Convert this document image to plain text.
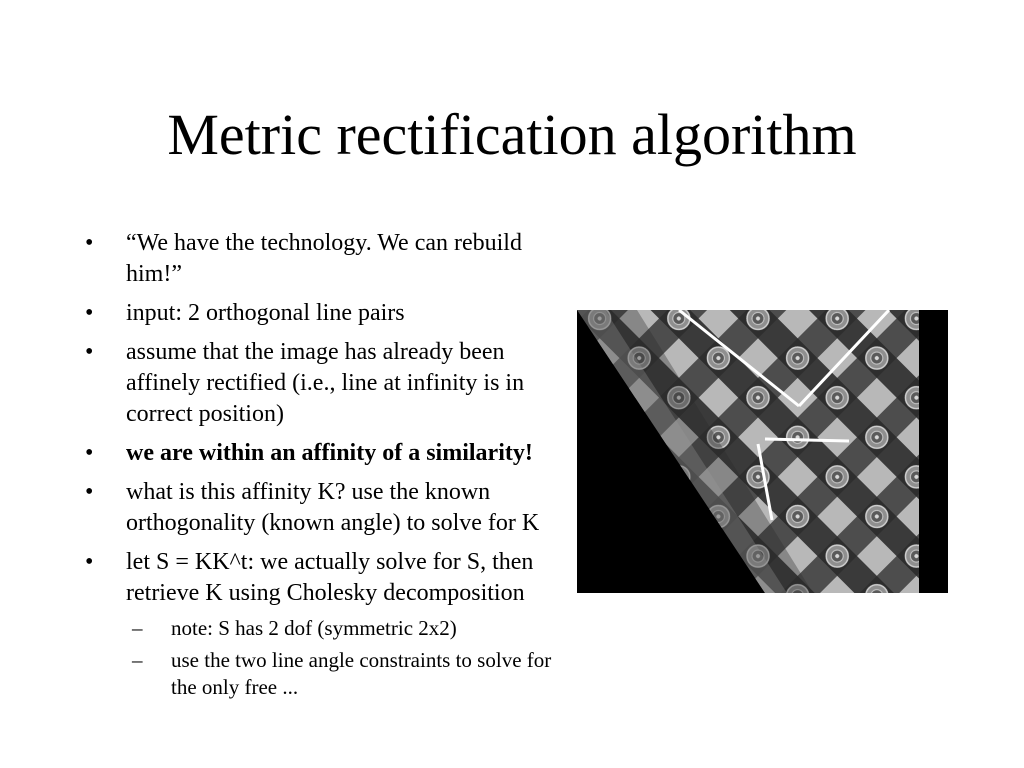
Metric rectification algorithm
•	“We have the technology. We can rebuild him!”
•	input: 2 orthogonal line pairs
•	assume that the image has already been affinely rectified (i.e., line at infinity is in correct position)
•	we are within an affinity of a similarity!
•	what is this affinity K? use the known orthogonality (known angle) to solve for K
•	let S = KK^t: we actually solve for S, then retrieve K using Cholesky decomposition
–	note: S has 2 dof (symmetric 2x2)
–	use the two line angle constraints to solve for the only free ...
